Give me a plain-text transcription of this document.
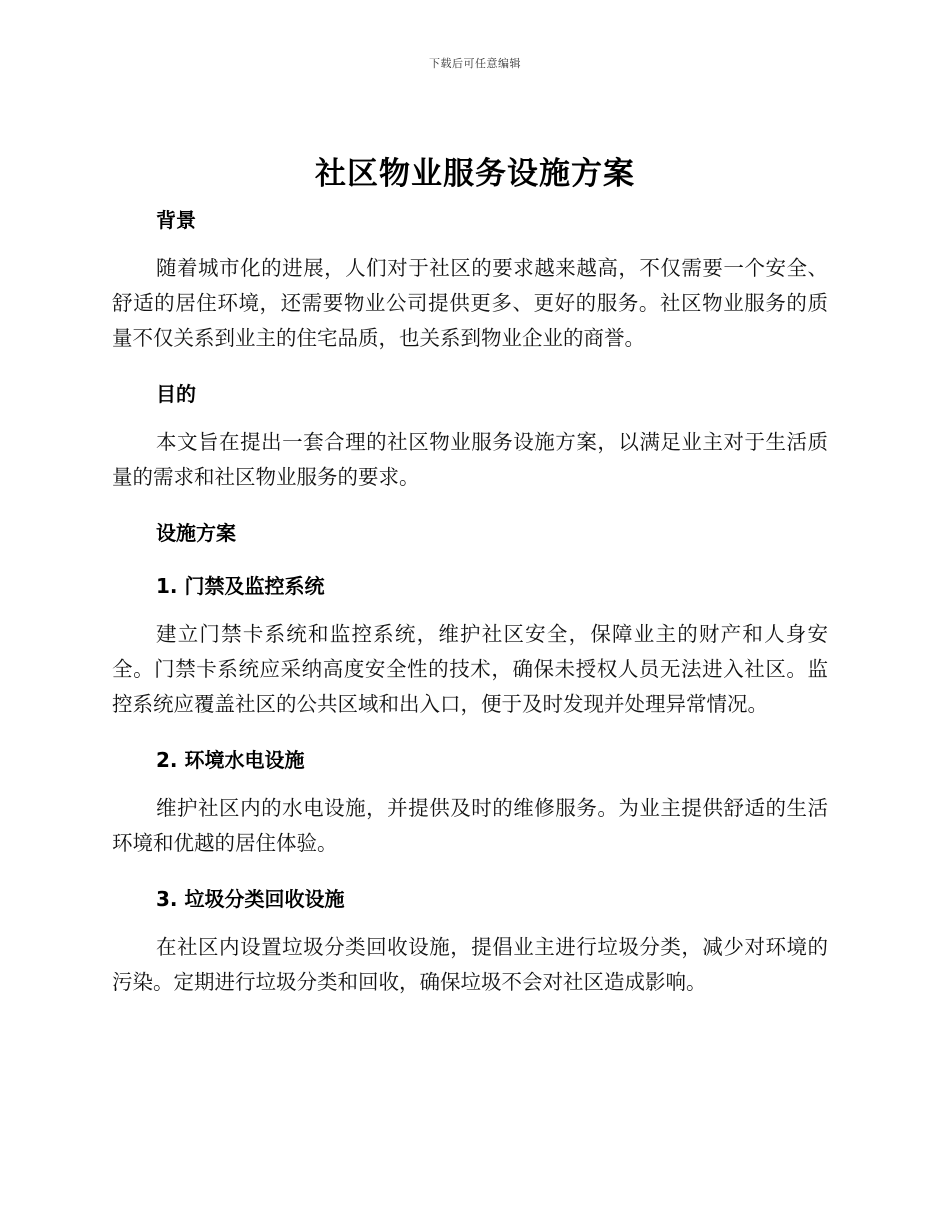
下载后可任意编辑
社区物业服务设施方案
背景

随着城市化的进展，人们对于社区的要求越来越高，不仅需要一个安全、舒适的居住环境，还需要物业公司提供更多、更好的服务。社区物业服务的质量不仅关系到业主的住宅品质，也关系到物业企业的商誉。

目的

本文旨在提出一套合理的社区物业服务设施方案，以满足业主对于生活质量的需求和社区物业服务的要求。

设施方案
1. 门禁及监控系统

建立门禁卡系统和监控系统，维护社区安全，保障业主的财产和人身安全。门禁卡系统应采纳高度安全性的技术，确保未授权人员无法进入社区。监控系统应覆盖社区的公共区域和出入口，便于及时发现并处理异常情况。

2. 环境水电设施

维护社区内的水电设施，并提供及时的维修服务。为业主提供舒适的生活环境和优越的居住体验。

3. 垃圾分类回收设施

在社区内设置垃圾分类回收设施，提倡业主进行垃圾分类，减少对环境的污染。定期进行垃圾分类和回收，确保垃圾不会对社区造成影响。
